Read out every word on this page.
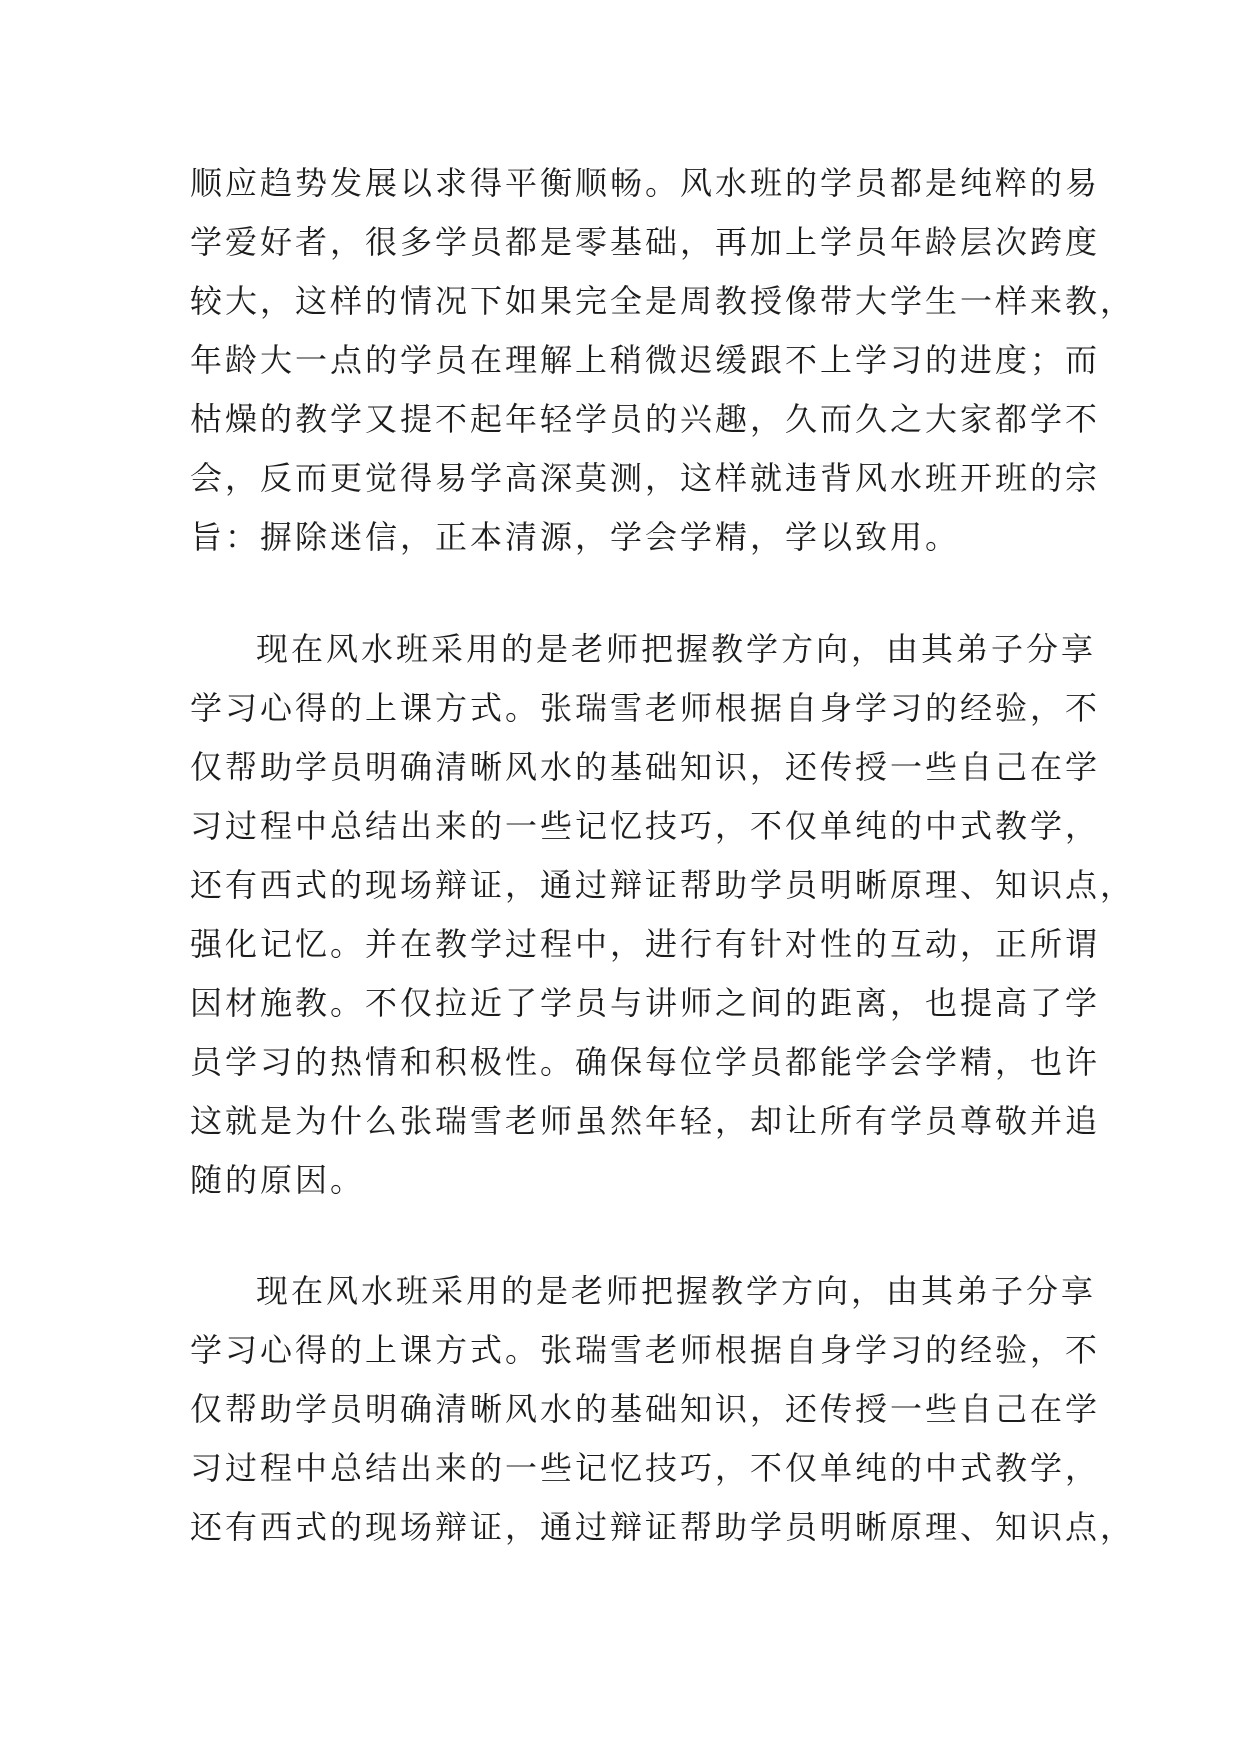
顺应趋势发展以求得平衡顺畅。风水班的学员都是纯粹的易
学爱好者，很多学员都是零基础，再加上学员年龄层次跨度
较大，这样的情况下如果完全是周教授像带大学生一样来教，
年龄大一点的学员在理解上稍微迟缓跟不上学习的进度；而
枯燥的教学又提不起年轻学员的兴趣，久而久之大家都学不
会，反而更觉得易学高深莫测，这样就违背风水班开班的宗
旨：摒除迷信，正本清源，学会学精，学以致用。
现在风水班采用的是老师把握教学方向，由其弟子分享
学习心得的上课方式。张瑞雪老师根据自身学习的经验，不
仅帮助学员明确清晰风水的基础知识，还传授一些自己在学
习过程中总结出来的一些记忆技巧，不仅单纯的中式教学，
还有西式的现场辩证，通过辩证帮助学员明晰原理、知识点，
强化记忆。并在教学过程中，进行有针对性的互动，正所谓
因材施教。不仅拉近了学员与讲师之间的距离，也提高了学
员学习的热情和积极性。确保每位学员都能学会学精，也许
这就是为什么张瑞雪老师虽然年轻，却让所有学员尊敬并追
随的原因。
现在风水班采用的是老师把握教学方向，由其弟子分享
学习心得的上课方式。张瑞雪老师根据自身学习的经验，不
仅帮助学员明确清晰风水的基础知识，还传授一些自己在学
习过程中总结出来的一些记忆技巧，不仅单纯的中式教学，
还有西式的现场辩证，通过辩证帮助学员明晰原理、知识点，
